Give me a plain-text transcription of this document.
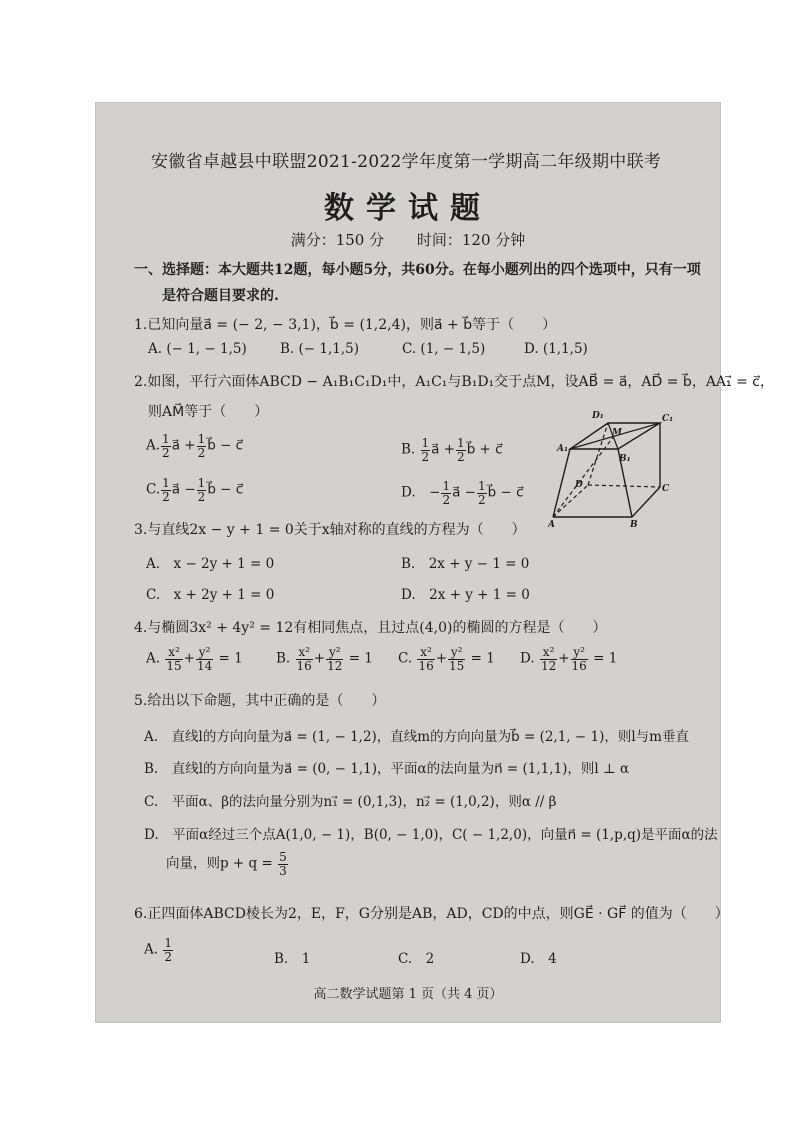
安徽省卓越县中联盟2021-2022学年度第一学期高二年级期中联考
数学试题
满分：150 分 时间：120 分钟
一、选择题：本大题共12题，每小题5分，共60分。在每小题列出的四个选项中，只有一项
是符合题目要求的.
1.已知向量a⃗ = (− 2, − 3,1)，b⃗ = (1,2,4)，则a⃗ + b⃗等于（　　）
A. (− 1, − 1,5) B. (− 1,1,5)	C. (1, − 1,5)	D. (1,1,5)
2.如图，平行六面体ABCD − A₁B₁C₁D₁中，A₁C₁与B₁D₁交于点M，设AB⃗ = a⃗，AD⃗ = b⃗，AA₁⃗ = c⃗，
则AM⃗等于（　　）
A. $\frac{1}{2}$ a⃗ + $\frac{1}{2}$ b⃗ − c⃗	B. $\frac{1}{2}$ a⃗ + $\frac{1}{2}$ b⃗ + c⃗
C. $\frac{1}{2}$ a⃗ − $\frac{1}{2}$ b⃗ − c⃗	D.　− $\frac{1}{2}$ a⃗ − $\frac{1}{2}$ b⃗ − c⃗
D₁	C₁
A₁
B₁
M
D	C
A	B
3.与直线2x − y + 1 = 0关于x轴对称的直线的方程为（　　）
A.　x − 2y + 1 = 0	B.　2x + y − 1 = 0
C.　x + 2y + 1 = 0	D.　2x + y + 1 = 0
4.与椭圆3x² + 4y² = 12有相同焦点，且过点(4,0)的椭圆的方程是（　　）
A. $\frac{\text{x²}}{15} + \frac{\text{y²}}{14} = 1$ B. $\frac{\text{x²}}{16} + \frac{\text{y²}}{12} = 1$ C. $\frac{\text{x²}}{16} + \frac{\text{y²}}{15} = 1$ D. $\frac{\text{x²}}{12} + \frac{\text{y²}}{16} = 1$
5.给出以下命题，其中正确的是（　　）
A.　直线l的方向向量为a⃗ = (1, − 1,2)，直线m的方向向量为b⃗ = (2,1, − 1)，则l与m垂直
B.　直线l的方向向量为a⃗ = (0, − 1,1)，平面α的法向量为n⃗ = (1,1,1)，则l ⊥ α
C.　平面α、β的法向量分别为n₁⃗ = (0,1,3)，n₂⃗ = (1,0,2)，则α // β
D.　平面α经过三个点A(1,0, − 1)，B(0, − 1,0)，C( − 1,2,0)，向量n⃗ = (1,p,q)是平面α的法
向量，则$p + q = \frac{5}{3}$
6.正四面体ABCD棱长为2，E，F，G分别是AB，AD，CD的中点，则GE⃗ · GF⃗ 的值为（　　）
A. $\frac{1}{2}$	B.　1	C.　2	D.　4
高二数学试题第 1 页（共 4 页）
